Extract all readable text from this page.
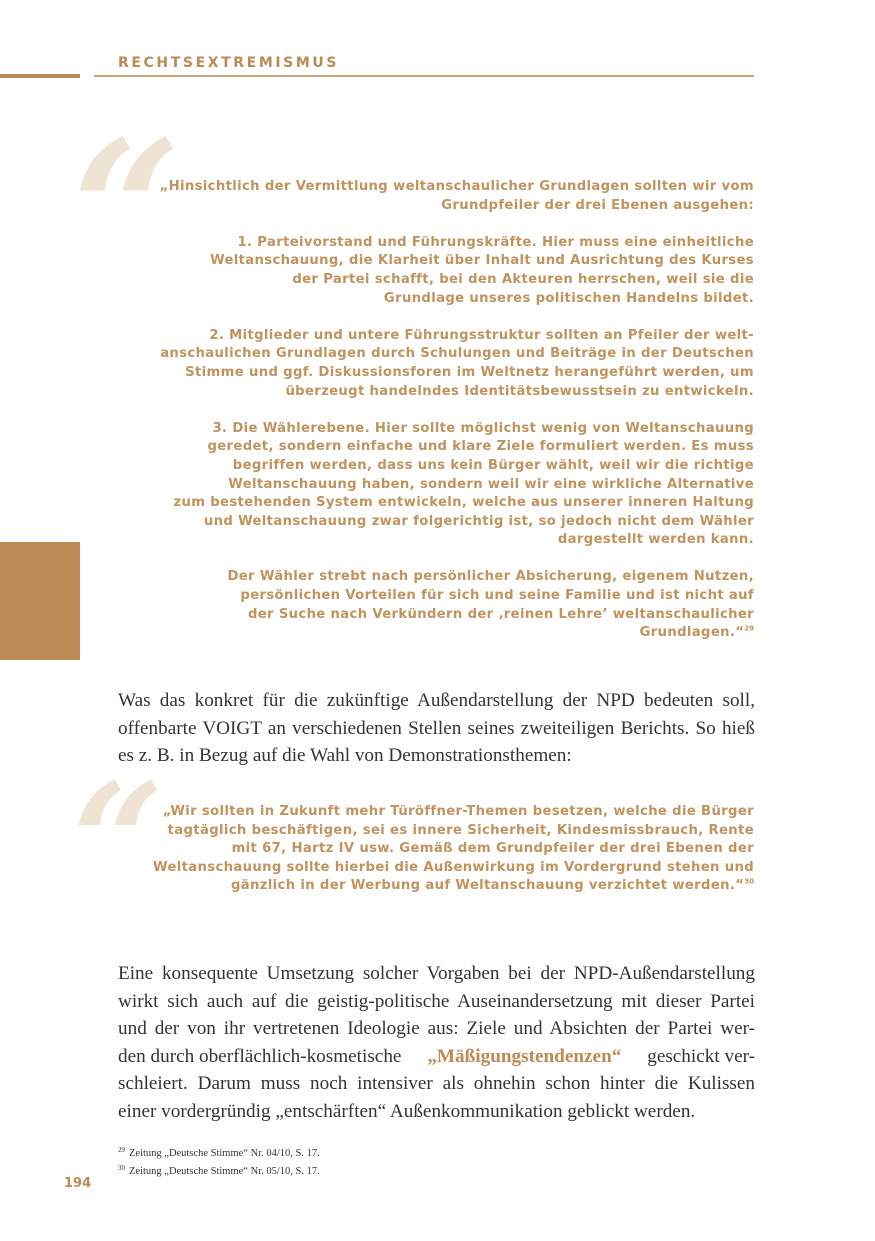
RECHTSEXTREMISMUS
“
„Hinsichtlich der Vermittlung weltanschaulicher Grundlagen sollten wir vom
Grundpfeiler der drei Ebenen ausgehen:
1. Parteivorstand und Führungskräfte. Hier muss eine einheitliche
Weltanschauung, die Klarheit über Inhalt und Ausrichtung des Kurses
der Partei schafft, bei den Akteuren herrschen, weil sie die
Grundlage unseres politischen Handelns bildet.
2. Mitglieder und untere Führungsstruktur sollten an Pfeiler der welt-
anschaulichen Grundlagen durch Schulungen und Beiträge in der Deutschen
Stimme und ggf. Diskussionsforen im Weltnetz herangeführt werden, um
überzeugt handelndes Identitätsbewusstsein zu entwickeln.
3. Die Wählerebene. Hier sollte möglichst wenig von Weltanschauung
geredet, sondern einfache und klare Ziele formuliert werden. Es muss
begriffen werden, dass uns kein Bürger wählt, weil wir die richtige
Weltanschauung haben, sondern weil wir eine wirkliche Alternative
zum bestehenden System entwickeln, welche aus unserer inneren Haltung
und Weltanschauung zwar folgerichtig ist, so jedoch nicht dem Wähler
dargestellt werden kann.
Der Wähler strebt nach persönlicher Absicherung, eigenem Nutzen,
persönlichen Vorteilen für sich und seine Familie und ist nicht auf
der Suche nach Verkündern der ‚reinen Lehre’ weltanschaulicher
Grundlagen.“$^{29}$
Was das konkret für die zukünftige Außendarstellung der NPD bedeuten soll,
offenbarte VOIGT an verschiedenen Stellen seines zweiteiligen Berichts. So hieß
es z. B. in Bezug auf die Wahl von Demonstrationsthemen:
“	„Wir sollten in Zukunft mehr Türöffner-Themen besetzen, welche die Bürger
tagtäglich beschäftigen, sei es innere Sicherheit, Kindesmissbrauch, Rente
mit 67, Hartz IV usw. Gemäß dem Grundpfeiler der drei Ebenen der
Weltanschauung sollte hierbei die Außenwirkung im Vordergrund stehen und
gänzlich in der Werbung auf Weltanschauung verzichtet werden.“$^{30}$
Eine konsequente Umsetzung solcher Vorgaben bei der NPD-Außendarstellung
wirkt sich auch auf die geistig-politische Auseinandersetzung mit dieser Partei
und der von ihr vertretenen Ideologie aus: Ziele und Absichten der Partei wer-
den durch oberflächlich-kosmetische „Mäßigungstendenzen“ geschickt ver-
schleiert. Darum muss noch intensiver als ohnehin schon hinter die Kulissen
einer vordergründig „entschärften“ Außenkommunikation geblickt werden.
$^{29}$ Zeitung „Deutsche Stimme“ Nr. 04/10, S. 17.
$^{30}$ Zeitung „Deutsche Stimme“ Nr. 05/10, S. 17.
194
